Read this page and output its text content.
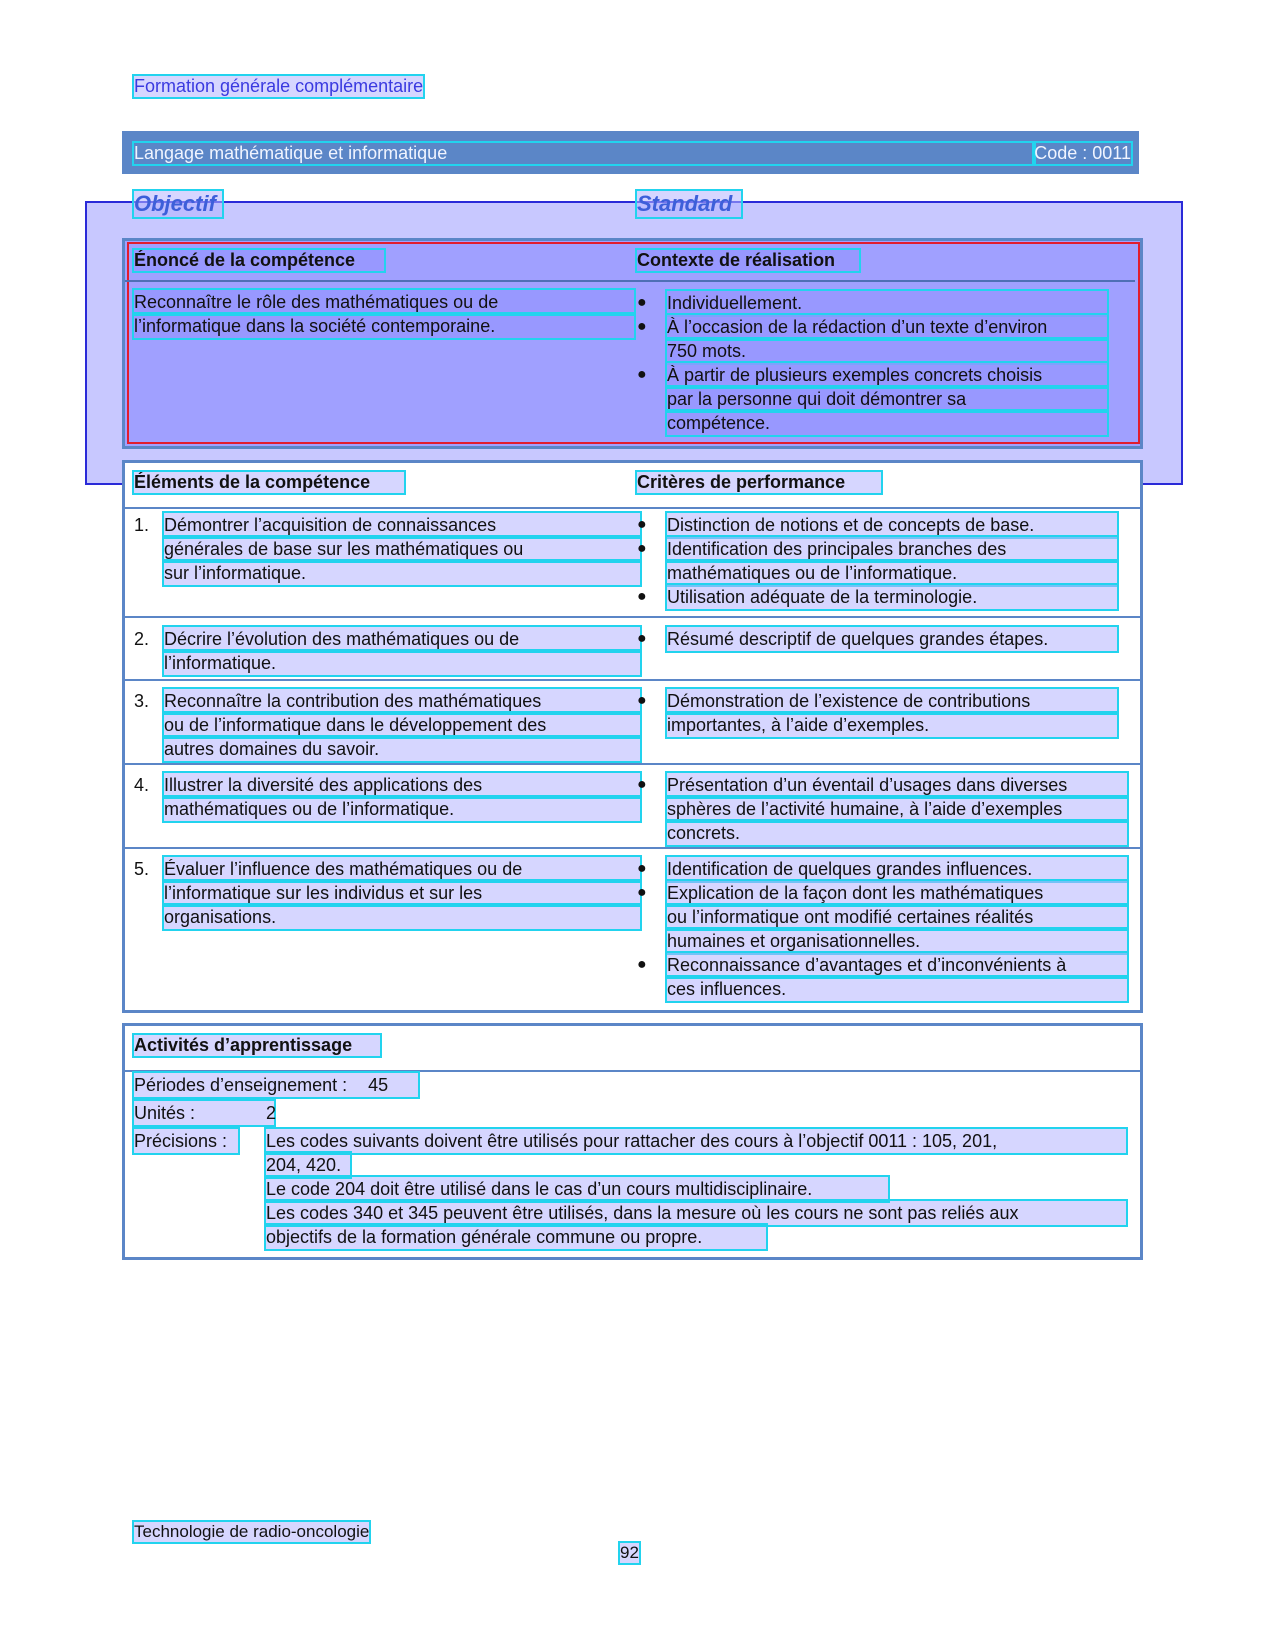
Formation générale complémentaire
Langage mathématique et informatique	Code : 0011
Objectif	Standard
Énoncé de la compétence	Contexte de réalisation
Reconnaître le rôle des mathématiques ou de
l’informatique dans la société contemporaine.
● Individuellement.
● À l’occasion de la rédaction d’un texte d’environ
750 mots.
● À partir de plusieurs exemples concrets choisis
par la personne qui doit démontrer sa
compétence.
Éléments de la compétence	Critères de performance
1. Démontrer l’acquisition de connaissances
générales de base sur les mathématiques ou
sur l’informatique.
● Distinction de notions et de concepts de base.
● Identification des principales branches des
mathématiques ou de l’informatique.
● Utilisation adéquate de la terminologie.
2. Décrire l’évolution des mathématiques ou de
l’informatique.
● Résumé descriptif de quelques grandes étapes.
3. Reconnaître la contribution des mathématiques
ou de l’informatique dans le développement des
autres domaines du savoir.
● Démonstration de l’existence de contributions
importantes, à l’aide d’exemples.
4. Illustrer la diversité des applications des
mathématiques ou de l’informatique.
● Présentation d’un éventail d’usages dans diverses
sphères de l’activité humaine, à l’aide d’exemples
concrets.
5. Évaluer l’influence des mathématiques ou de
l’informatique sur les individus et sur les
organisations.
● Identification de quelques grandes influences.
● Explication de la façon dont les mathématiques
ou l’informatique ont modifié certaines réalités
humaines et organisationnelles.
● Reconnaissance d’avantages et d’inconvénients à
ces influences.
Activités d’apprentissage
Périodes d’enseignement : 45
Unités :	2
Précisions :	Les codes suivants doivent être utilisés pour rattacher des cours à l’objectif 0011 : 105, 201,
204, 420.
Le code 204 doit être utilisé dans le cas d’un cours multidisciplinaire.
Les codes 340 et 345 peuvent être utilisés, dans la mesure où les cours ne sont pas reliés aux
objectifs de la formation générale commune ou propre.
Technologie de radio-oncologie
92
